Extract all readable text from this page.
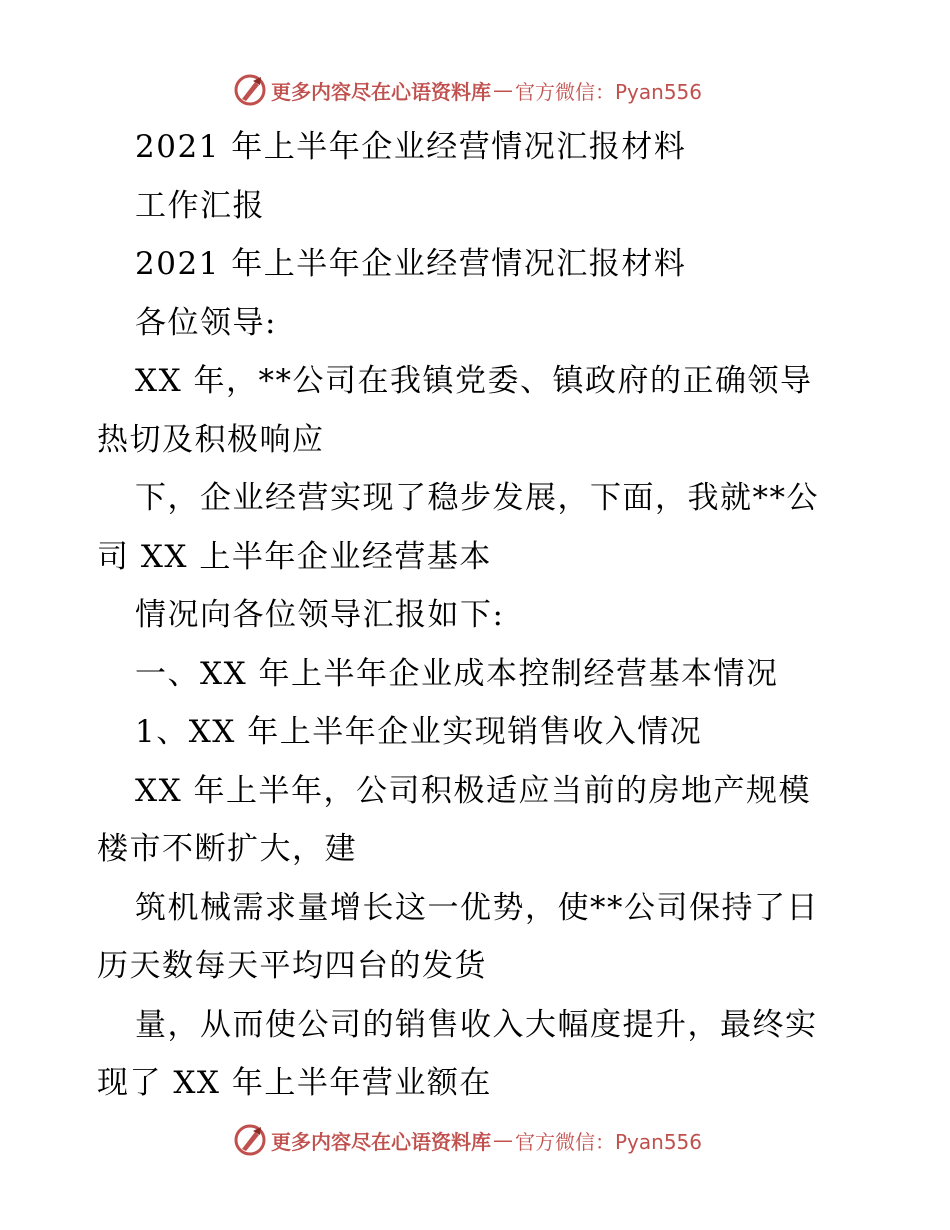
更多内容尽在心语资料库 — 官方微信：Pyan556
2021 年上半年企业经营情况汇报材料
工作汇报
2021 年上半年企业经营情况汇报材料
各位领导:
XX 年，**公司在我镇党委、镇政府的正确领导
热切及积极响应
下，企业经营实现了稳步发展，下面，我就**公
司 XX 上半年企业经营基本
情况向各位领导汇报如下:
一、XX 年上半年企业成本控制经营基本情况
1、XX 年上半年企业实现销售收入情况
XX 年上半年，公司积极适应当前的房地产规模
楼市不断扩大，建
筑机械需求量增长这一优势，使**公司保持了日
历天数每天平均四台的发货
量，从而使公司的销售收入大幅度提升，最终实
现了 XX 年上半年营业额在
更多内容尽在心语资料库 — 官方微信：Pyan556
